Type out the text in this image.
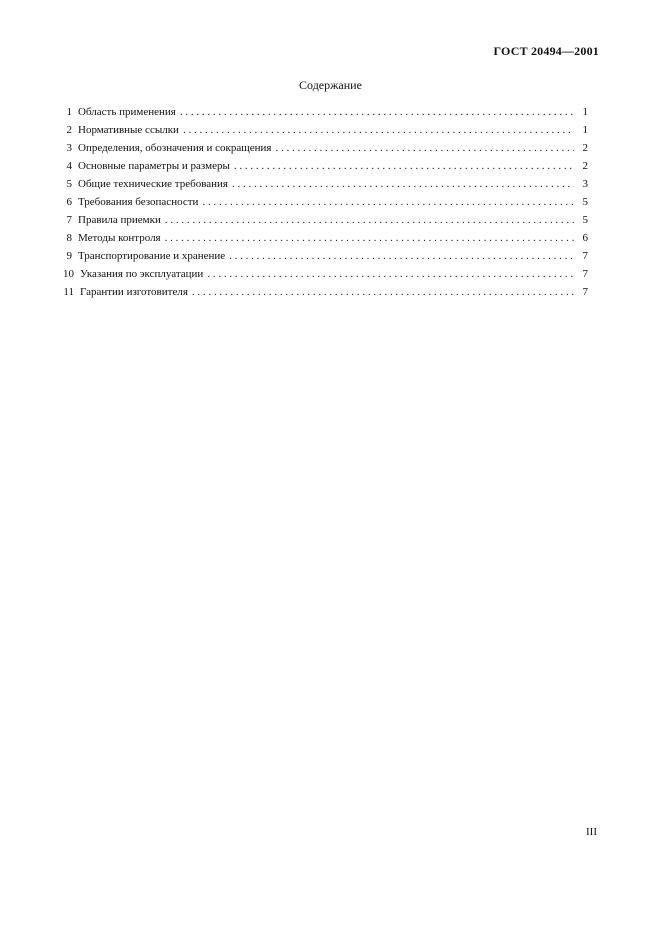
ГОСТ 20494—2001
Содержание
1 Область применения . . .	1
2 Нормативные ссылки . . .	1
3 Определения, обозначения и сокращения . . .	2
4 Основные параметры и размеры . . .	2
5 Общие технические требования . . .	3
6 Требования безопасности . . .	5
7 Правила приемки . . .	5
8 Методы контроля . . .	6
9 Транспортирование и хранение . . .	7
10 Указания по эксплуатации . . .	7
11 Гарантии изготовителя . . .	7
III
